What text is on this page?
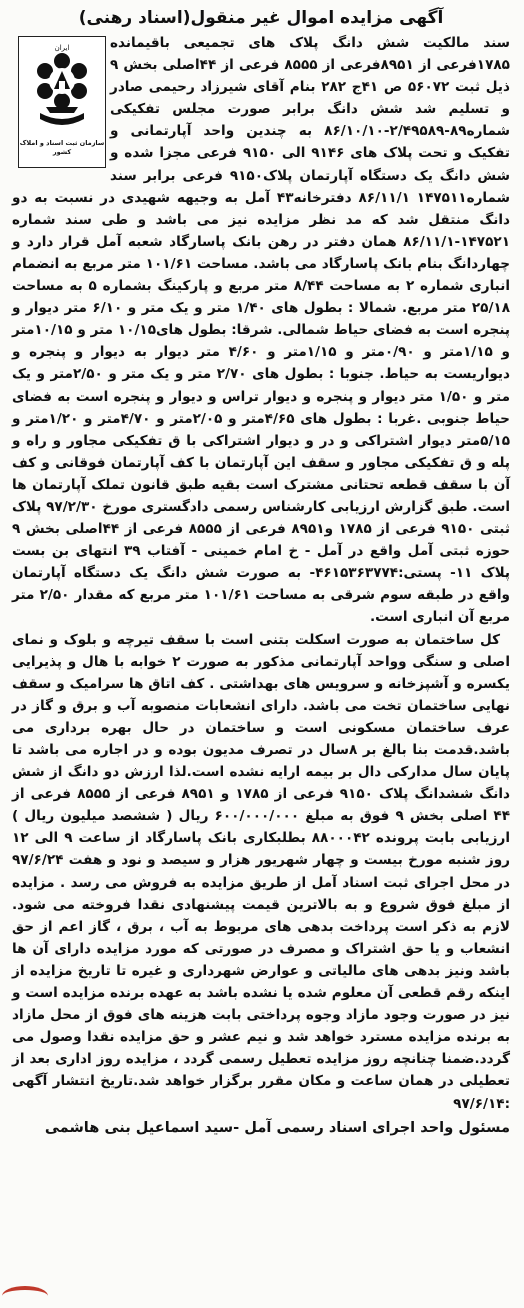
آگهی مزایده اموال غیر منقول(اسناد رهنی)
ایران
سازمان ثبت اسناد و املاک کشور

سند مالکیت شش دانگ پلاک های تجمیعی باقیمانده ۱۷۸۵فرعی از ۸۹۵۱فرعی از ۸۵۵۵ فرعی از ۴۴اصلی بخش ۹ ذیل ثبت ۵۶۰۷۲ ص ۴۱ج ۲۸۲ بنام آقای شیرزاد رحیمی صادر و تسلیم شد شش دانگ برابر صورت مجلس تفکیکی شماره۸۹-۲/۴۹۵۸۹-۸۶/۱۰/۱۰ به چندین واحد آپارتمانی و تفکیک و تحت پلاک های ۹۱۴۶ الی ۹۱۵۰ فرعی مجزا شده و شش دانگ یک دستگاه آپارتمان پلاک۹۱۵۰ فرعی برابر سند شماره۱۴۷۵۱۱ ۸۶/۱۱/۱ دفترخانه۴۳ آمل به وجیهه شهیدی در نسبت به دو دانگ منتقل شد که مد نظر مزایده نیز می باشد و طی سند شماره ۱۴۷۵۲۱-۸۶/۱۱/۱ همان دفتر در رهن بانک پاسارگاد شعبه آمل قرار دارد و چهاردانگ بنام بانک پاسارگاد می باشد. مساحت ۱۰۱/۶۱ متر مربع به انضمام انباری شماره ۲ به مساحت ۸/۴۴ متر مربع و پارکینگ بشماره ۵ به مساحت ۲۵/۱۸ متر مربع. شمالا : بطول های ۱/۴۰ متر و یک متر و ۶/۱۰ متر دیوار و پنجره است به فضای حیاط شمالی. شرقا: بطول های۱۰/۱۵ متر و ۱۰/۱۵متر و ۱/۱۵متر و ۰/۹۰متر و ۱/۱۵متر و ۴/۶۰ متر دیوار به دیوار و پنجره و دیواریست به حیاط. جنوبا : بطول های ۲/۷۰ متر و یک متر و ۲/۵۰متر و یک متر و ۱/۵۰ متر دیوار و پنجره و دیوار تراس و دیوار و پنجره است به فضای حیاط جنوبی .غربا : بطول های ۴/۶۵متر و ۲/۰۵متر و ۴/۷۰متر و ۱/۲۰متر و ۵/۱۵متر دیوار اشتراکی و در و دیوار اشتراکی با ق تفکیکی مجاور و راه و پله و ق تفکیکی مجاور و سقف این آپارتمان با کف آپارتمان فوقانی و کف آن با سقف قطعه تحتانی مشترک است بقیه طبق قانون تملک آپارتمان ها است. طبق گزارش ارزیابی کارشناس رسمی دادگستری مورخ ۹۷/۲/۳۰ پلاک ثبتی ۹۱۵۰ فرعی از ۱۷۸۵ و۸۹۵۱ فرعی از ۸۵۵۵ فرعی از ۴۴اصلی بخش ۹ حوزه ثبتی آمل واقع در آمل - خ امام خمینی - آفتاب ۳۹ انتهای بن بست پلاک ۱۱- پستی:۴۶۱۵۳۶۳۷۷۴- به صورت شش دانگ یک دستگاه آپارتمان واقع در طبقه سوم شرقی به مساحت ۱۰۱/۶۱ متر مربع که مقدار ۲/۵۰ متر مربع آن انباری است.

کل ساختمان به صورت اسکلت بتنی است با سقف تیرچه و بلوک و نمای اصلی و سنگی وواحد آپارتمانی مذکور به صورت ۲ خوابه با هال و پذیرایی یکسره و آشپزخانه و سرویس های بهداشتی . کف اتاق ها سرامیک و سقف نهایی ساختمان تخت می باشد. دارای انشعابات منصوبه آب و برق و گاز در عرف ساختمان مسکونی است و ساختمان در حال بهره برداری می باشد.قدمت بنا بالغ بر ۸سال در تصرف مدیون بوده و در اجاره می باشد تا پایان سال مدارکی دال بر بیمه ارایه نشده است.لذا ارزش دو دانگ از شش دانگ ششدانگ پلاک ۹۱۵۰ فرعی از ۱۷۸۵ و ۸۹۵۱ فرعی از ۸۵۵۵ فرعی از ۴۴ اصلی بخش ۹ فوق به مبلغ ۶۰۰/۰۰۰/۰۰۰ ریال ( ششصد میلیون ریال ) ارزیابی بابت پرونده ۸۸۰۰۰۴۲ بطلبکاری بانک پاسارگاد از ساعت ۹ الی ۱۲ روز شنبه مورخ بیست و چهار شهریور هزار و سیصد و نود و هفت ۹۷/۶/۲۴ در محل اجرای ثبت اسناد آمل از طریق مزایده به فروش می رسد . مزایده از مبلغ فوق شروع و به بالاترین قیمت پیشنهادی نقدا فروخته می شود. لازم به ذکر است پرداخت بدهی های مربوط به آب ، برق ، گاز اعم از حق انشعاب و یا حق اشتراک و مصرف در صورتی که مورد مزایده دارای آن ها باشد ونیز بدهی های مالیاتی و عوارض شهرداری و غیره تا تاریخ مزایده از اینکه رقم قطعی آن معلوم شده یا نشده باشد به عهده برنده مزایده است و نیز در صورت وجود مازاد وجوه پرداختی بابت هزینه های فوق از محل مازاد به برنده مزایده مسترد خواهد شد و نیم عشر و حق مزایده نقدا وصول می گردد.ضمنا چنانچه روز مزایده تعطیل رسمی گردد ، مزایده روز اداری بعد از تعطیلی در همان ساعت و مکان مقرر برگزار خواهد شد.تاریخ انتشار آگهی :۹۷/۶/۱۴

مسئول واحد اجرای اسناد رسمی آمل -سید اسماعیل بنی هاشمی
